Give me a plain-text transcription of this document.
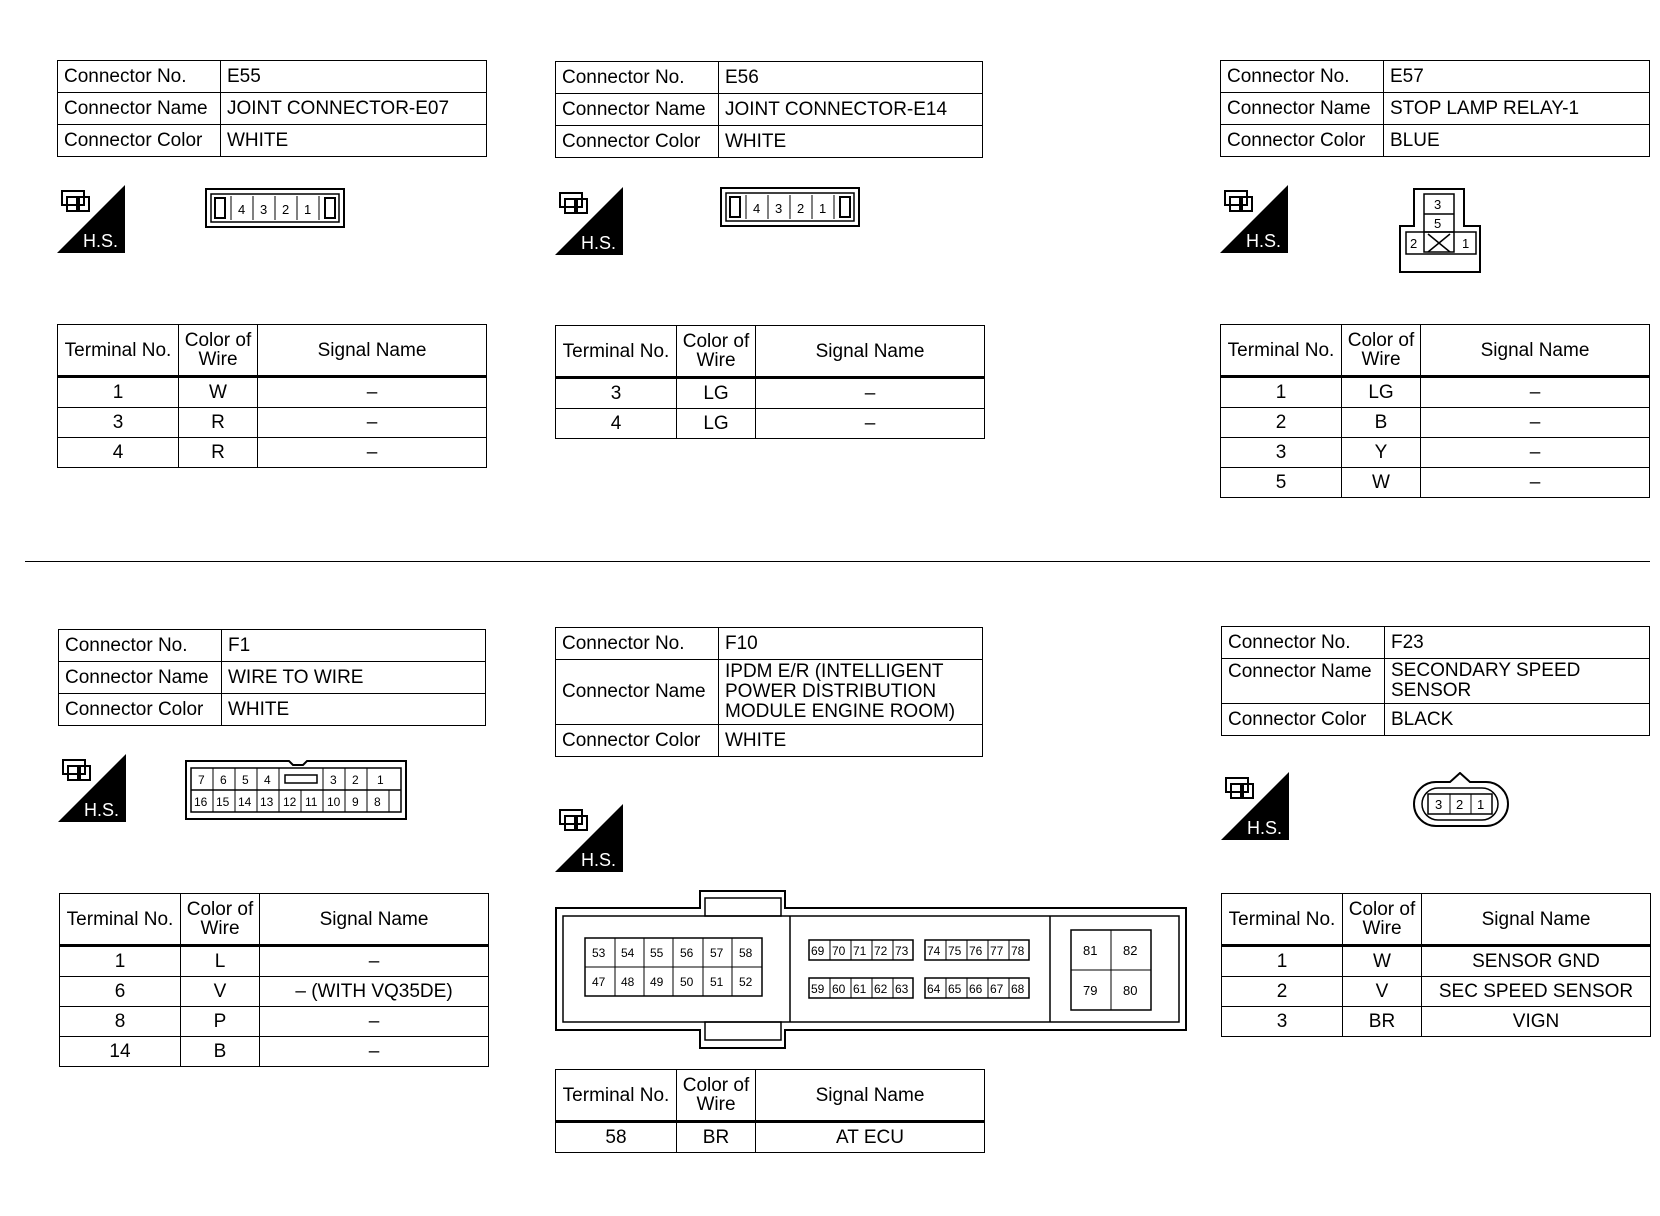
Connector No.	E55
Connector Name	JOINT CONNECTOR-E07
Connector Color	WHITE
H.S.
4 3 2 1
Terminal No.	Color of Wire	Signal Name
1	W	–
3	R	–
4	R	–
Connector No.	E56
Connector Name	JOINT CONNECTOR-E14
Connector Color	WHITE
H.S.
4 3 2 1
Terminal No.	Color of Wire	Signal Name
3	LG	–
4	LG	–
Connector No.	E57
Connector Name	STOP LAMP RELAY-1
Connector Color	BLUE
H.S.
3
5
2	1
Terminal No.	Color of Wire	Signal Name
1	LG	–
2	B	–
3	Y	–
5	W	–
Connector No.	F1
Connector Name	WIRE TO WIRE
Connector Color	WHITE
H.S.
7 6 5 4	3 2 1
16 15 14 13 12 11 10 9 8
Terminal No.	Color of Wire	Signal Name
1	L	–
6	V	– (WITH VQ35DE)
8	P	–
14	B	–
Connector No.	F10
Connector Name	IPDM E/R (INTELLIGENT
POWER DISTRIBUTION
MODULE ENGINE ROOM)

Connector Color	WHITE
H.S.
53 54 55 56 57 58
47 48 49 50 51 52
69 70 71 72 73 74 75 76 77 78
59 60 61 62 63 64 65 66 67 68
81 82
79 80
Terminal No.	Color of Wire	Signal Name
58	BR	AT ECU
Connector No.	F23
Connector Name	SECONDARY SPEED
SENSOR

Connector Color	BLACK
H.S.
3 2 1
Terminal No.	Color of Wire	Signal Name
1	W	SENSOR GND
2	V	SEC SPEED SENSOR
3	BR	VIGN
